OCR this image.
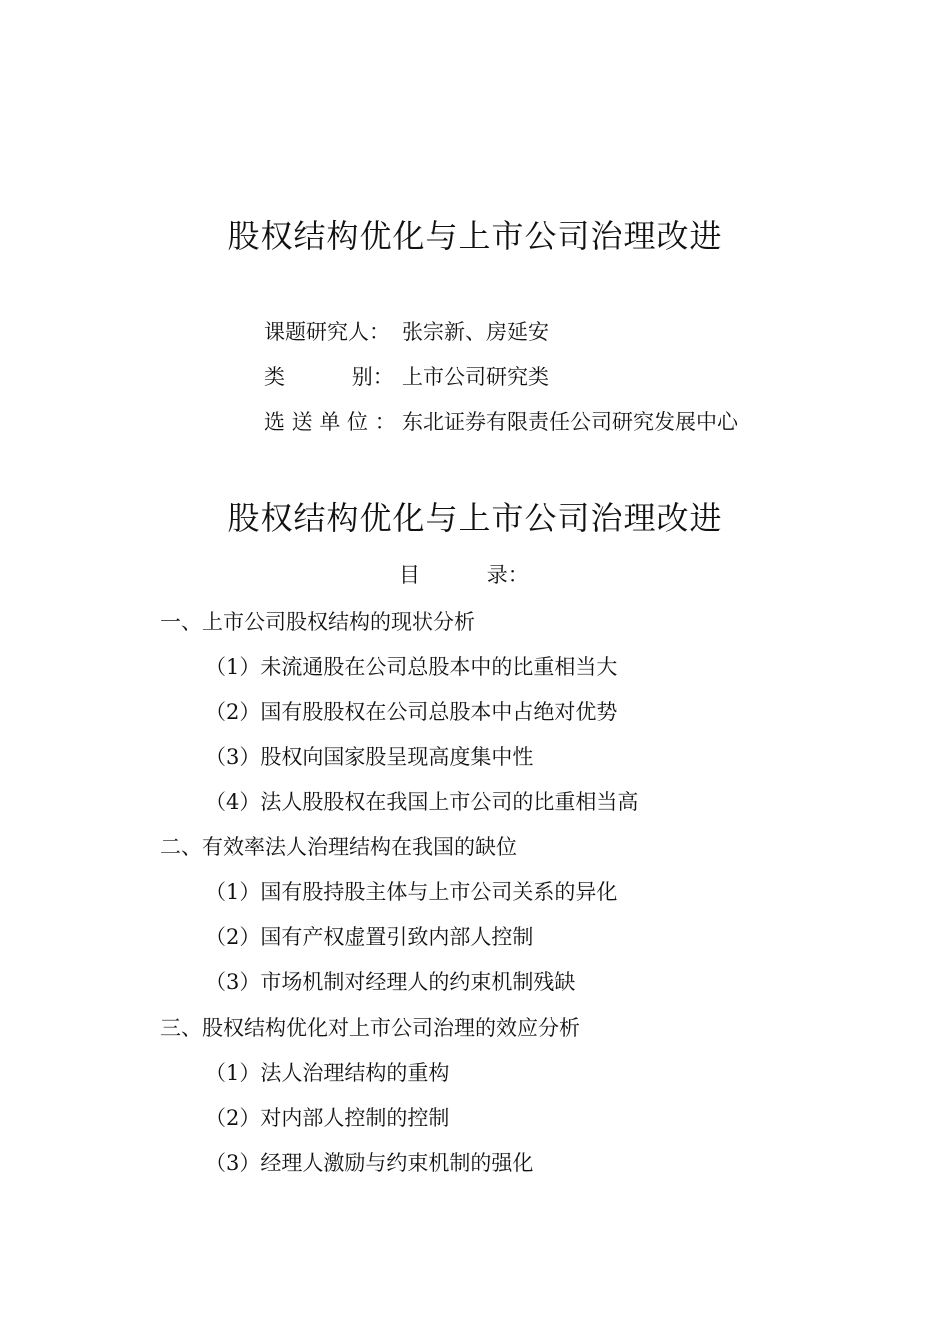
股权结构优化与上市公司治理改进
课题研究人： 张宗新、房延安
类          别： 上市公司研究类
选 送 单 位 ： 东北证券有限责任公司研究发展中心
股权结构优化与上市公司治理改进
目          录：
一、上市公司股权结构的现状分析
（1）未流通股在公司总股本中的比重相当大
（2）国有股股权在公司总股本中占绝对优势
（3）股权向国家股呈现高度集中性
（4）法人股股权在我国上市公司的比重相当高
二、有效率法人治理结构在我国的缺位
（1）国有股持股主体与上市公司关系的异化
（2）国有产权虚置引致内部人控制
（3）市场机制对经理人的约束机制残缺
三、股权结构优化对上市公司治理的效应分析
（1）法人治理结构的重构
（2）对内部人控制的控制
（3）经理人激励与约束机制的强化
